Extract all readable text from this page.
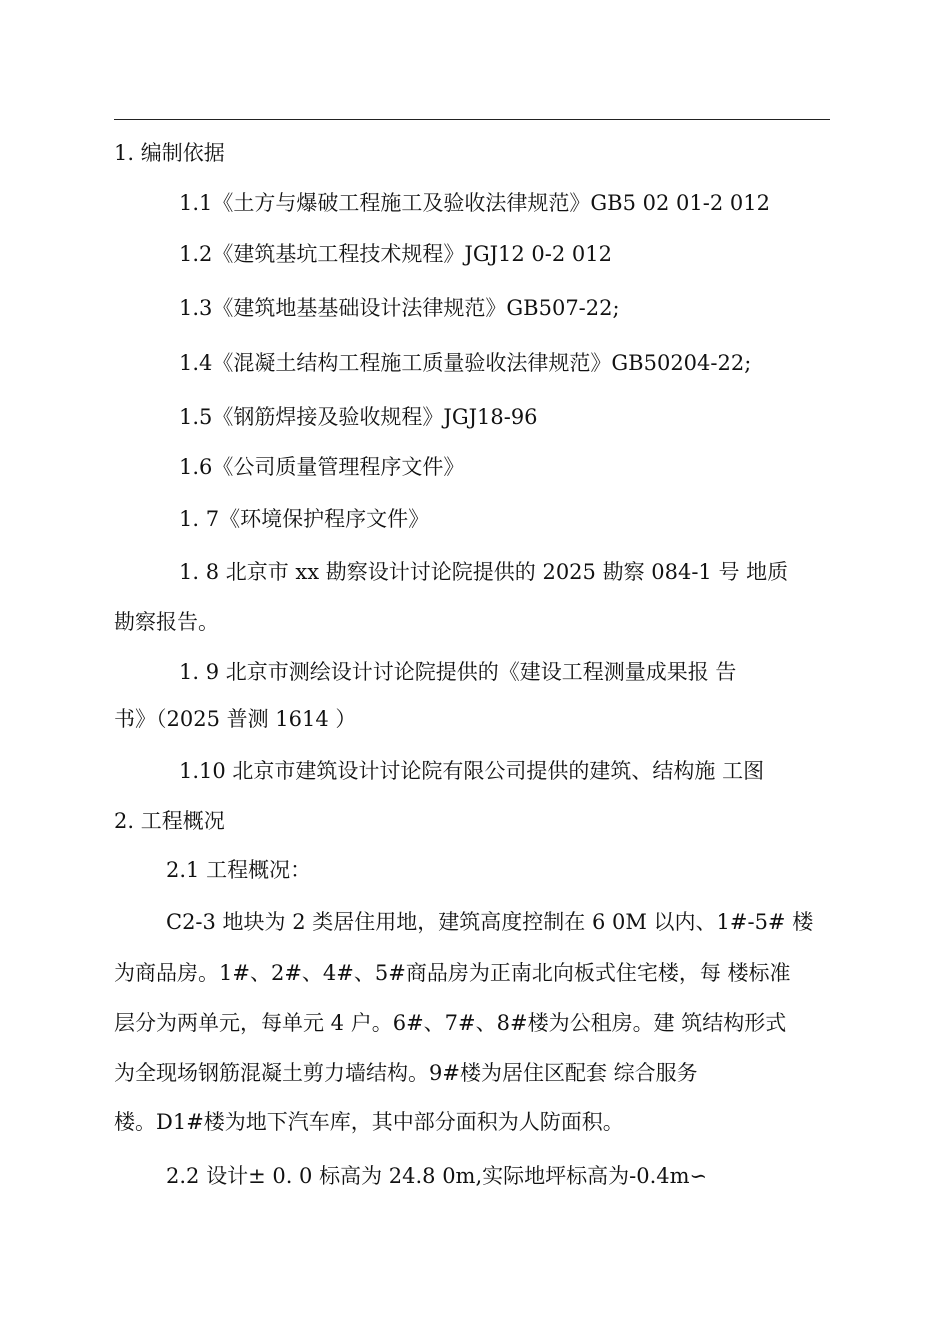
1. 编制依据
1.1《土方与爆破工程施工及验收法律规范》GB5 02 01-2 012
1.2《建筑基坑工程技术规程》JGJ12 0-2 012
1.3《建筑地基基础设计法律规范》GB507-22;
1.4《混凝土结构工程施工质量验收法律规范》GB50204-22;
1.5《钢筋焊接及验收规程》JGJ18-96
1.6《公司质量管理程序文件》
1. 7《环境保护程序文件》
1. 8 北京市 xx 勘察设计讨论院提供的 2025 勘察 084-1 号 地质
勘察报告。
1. 9 北京市测绘设计讨论院提供的《建设工程测量成果报 告
书》（2025 普测 1614 ）
1.10 北京市建筑设计讨论院有限公司提供的建筑、结构施 工图
2. 工程概况
2.1 工程概况：
C2-3 地块为 2 类居住用地，建筑高度控制在 6 0M 以内、1#-5# 楼
为商品房。1#、2#、4#、5#商品房为正南北向板式住宅楼，每 楼标准
层分为两单元，每单元 4 户。6#、7#、8#楼为公租房。建 筑结构形式
为全现场钢筋混凝土剪力墙结构。9#楼为居住区配套 综合服务
楼。D1#楼为地下汽车库，其中部分面积为人防面积。
2.2 设计± 0. 0 标高为 24.8 0m,实际地坪标高为-0.4m∽
